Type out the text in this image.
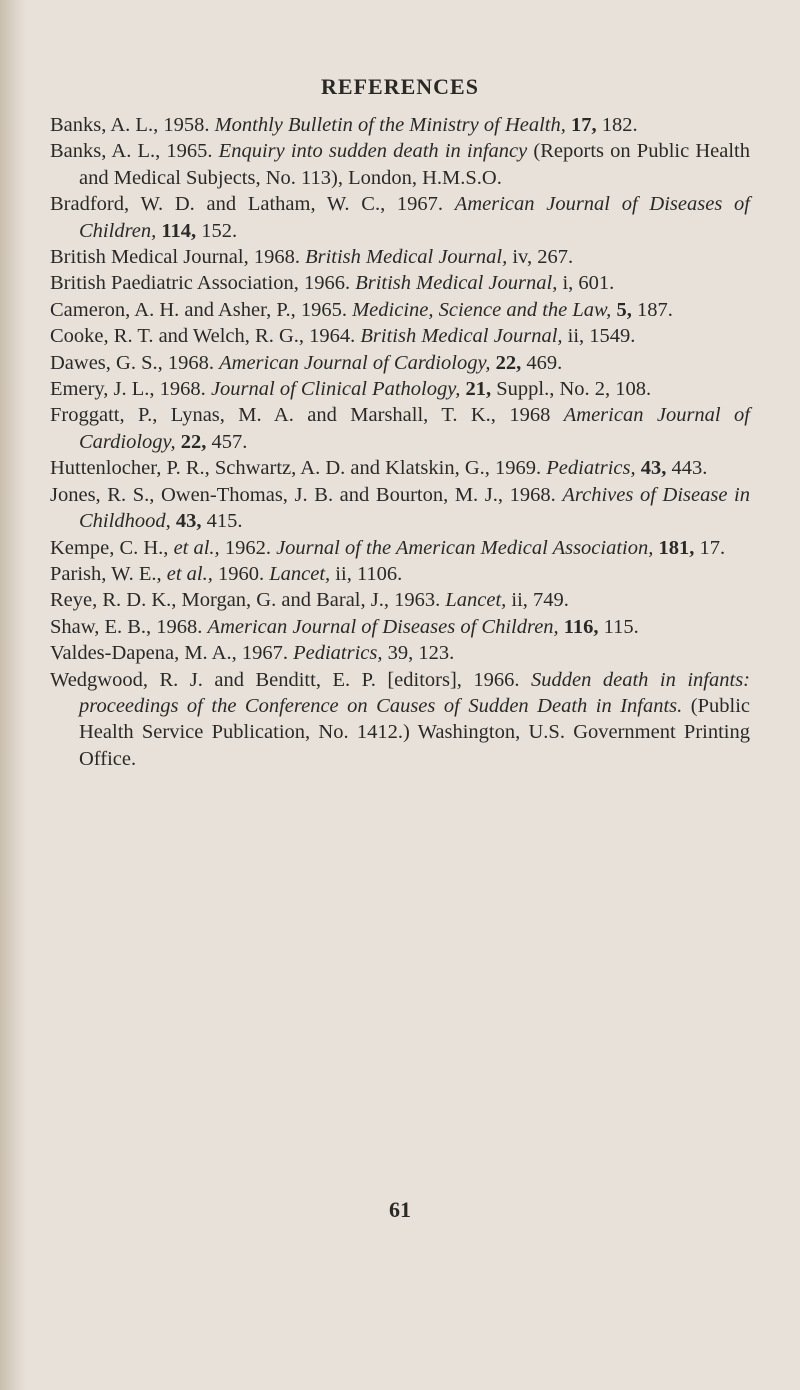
REFERENCES
Banks, A. L., 1958. Monthly Bulletin of the Ministry of Health, 17, 182.
Banks, A. L., 1965. Enquiry into sudden death in infancy (Reports on Public Health and Medical Subjects, No. 113), London, H.M.S.O.
Bradford, W. D. and Latham, W. C., 1967. American Journal of Diseases of Children, 114, 152.
British Medical Journal, 1968. British Medical Journal, iv, 267.
British Paediatric Association, 1966. British Medical Journal, i, 601.
Cameron, A. H. and Asher, P., 1965. Medicine, Science and the Law, 5, 187.
Cooke, R. T. and Welch, R. G., 1964. British Medical Journal, ii, 1549.
Dawes, G. S., 1968. American Journal of Cardiology, 22, 469.
Emery, J. L., 1968. Journal of Clinical Pathology, 21, Suppl., No. 2, 108.
Froggatt, P., Lynas, M. A. and Marshall, T. K., 1968 American Journal of Cardiology, 22, 457.
Huttenlocher, P. R., Schwartz, A. D. and Klatskin, G., 1969. Pediatrics, 43, 443.
Jones, R. S., Owen-Thomas, J. B. and Bourton, M. J., 1968. Archives of Disease in Childhood, 43, 415.
Kempe, C. H., et al., 1962. Journal of the American Medical Association, 181, 17.
Parish, W. E., et al., 1960. Lancet, ii, 1106.
Reye, R. D. K., Morgan, G. and Baral, J., 1963. Lancet, ii, 749.
Shaw, E. B., 1968. American Journal of Diseases of Children, 116, 115.
Valdes-Dapena, M. A., 1967. Pediatrics, 39, 123.
Wedgwood, R. J. and Benditt, E. P. [editors], 1966. Sudden death in infants: proceedings of the Conference on Causes of Sudden Death in Infants. (Public Health Service Publication, No. 1412.) Washington, U.S. Government Printing Office.
61
